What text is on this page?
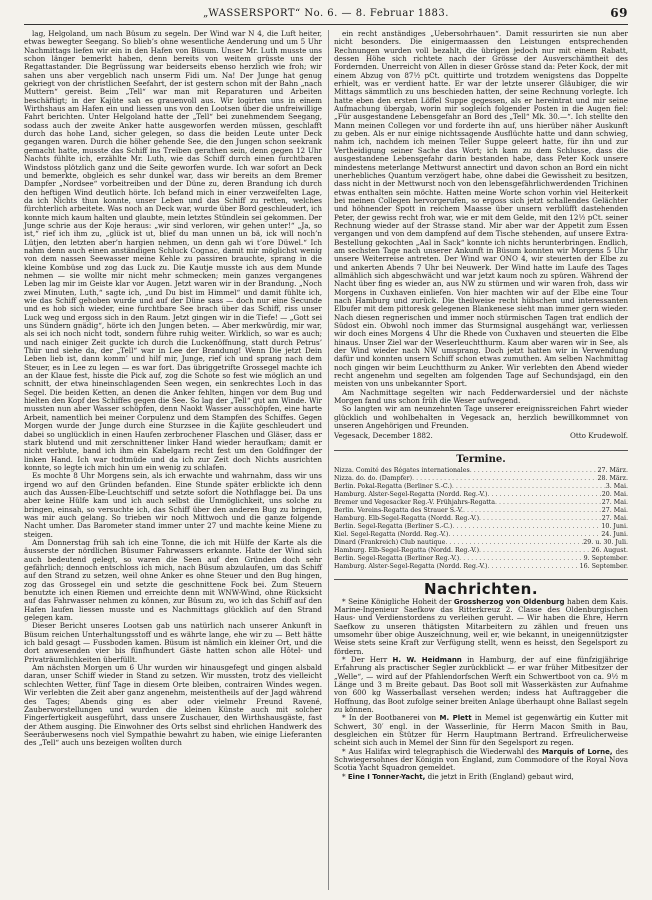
„WASSERSPORT“ No. 6. — 8. Februar 1883.	69

lag, Helgoland, um nach Büsum zu segeln. Der Wind war N 4, die Luft heiter, etwas bewegter Seegang. So blieb’s ohne wesentliche Aenderung und um 5 Uhr Nachmittags liefen wir ein in den Hafen von Büsum. Unser Mr. Luth musste uns schon länger bemerkt haben, denn bereits von weitem grüsste uns der Regattastander. Die Begrüssung war beiderseits ebenso herzlich wie froh; wir sahen uns aber vergeblich nach unserm Fidi um. Na! Der Junge hat genug gekriegt von der christlichen Seefahrt, der ist gestern schon mit der Bahn „nach Muttern“ gereist. Beim „Tell“ war man mit Reparaturen und Arbeiten beschäftigt; in der Kajüte sah es grauenvoll aus. Wir logirten uns in einem Wirthshaus am Hafen ein und liessen uns von den Lootsen über die unfreiwillige Fahrt berichten. Unter Helgoland hatte der „Tell“ bei zunehmendem Seegang, sodass auch der zweite Anker hatte ausgeworfen werden müssen, geschlafft durch das hohe Land, sicher gelegen, so dass die beiden Leute unter Deck gegangen waren. Durch die höher gehende See, die den Jungen schon seekrank gemacht hatte, musste das Schiff ins Treiben gerathen sein, denn gegen 12 Uhr Nachts fühlte ich, erzählte Mr. Luth, wie das Schiff durch einen furchtbaren Windstoss plötzlich ganz und die Seite geworfen wurde. Ich war sofort an Deck und bemerkte, obgleich es sehr dunkel war, dass wir bereits an dem Bremer Dampfer „Nordsee“ vorbeitreiben und der Düne zu, deren Brandung ich durch den heftigen Wind deutlich hörte. Ich befand mich in einer verzweifelten Lage, da ich Nichts thun konnte, unser Leben und das Schiff zu retten, welches fürchterlich arbeitete. Was noch an Deck war, wurde über Bord geschleudert, ich konnte mich kaum halten und glaubte, mein letztes Stündlein sei gekommen. Der Junge schrie aus der Koje heraus: „wir sind verloren, wir gehen unter!“ „Ja, so ist,“ rief ich ihm zu, „glück ist ut, blief du man unnen un bä, ick will noch’n Lütjen, den letzten aber’n hargien nehmen, un denn gah wi t’ore Düwel.“ Ich nahm denn auch einen anständigen Schluck Cognac, damit mir möglichst wenig von dem nassen Seewasser meine Kehle zu passiren brauchte, sprang in die kleine Kombüse und zog das Luck zu. Die Kautje musste ich aus dem Munde nehmen — sie wollte mir nicht mehr schmecken; mein ganzes vergangenes Leben lag mir im Geiste klar vor Augen. Jetzt waren wir in der Brandung. „Noch zwei Minuten, Luth,“ sagte ich, „und Du bist im Himmel“ und damit fühlte ich, wie das Schiff gehoben wurde und auf der Düne sass — doch nur eine Secunde und es hob sich wieder, eine furchtbare See brach über das Schiff, riss unser Luck weg und ergoss sich in den Raum. Jetzt gingen wir in die Tiefe! — „Gott sei uns Sündern gnädig“, hörte ich den Jungen beten. — Aber merkwürdig, mir war, als sei ich noch nicht todt, sondern führe ruhig weiter. Wirklich, so war es auch; und nach einiger Zeit guckte ich durch die Luckenöffnung, statt durch Petrus’ Thür und siehe da, der „Tell“ war in Lee der Brandung! Wenn Die jetzt Dein Leben lieb ist, dann komm’ und hilf mir, Junge, rief ich und sprang nach dem Steuer, es in Lee zu legen — es war fort. Das übriggetrifte Grossegel machte ich an der Klaue fest, hisste die Pick auf, zog die Schote so fest wie möglich an und schnitt, der etwa hineinschlagenden Seen wegen, ein senkrechtes Loch in das Segel. Die beiden Ketten, an denen die Anker fehlten, hingen vor dem Bug und hielten den Kopf des Schiffes gegen die See. So lag der „Tell“ gut am Winde. Wir mussten nun aber Wasser schöpfen, denn Naokt Wasser ausschöpfen, eine harte Arbeit, namentlich bei meiner Corpulenz und dem Stampfen des Schiffes. Gegen Morgen wurde der Junge durch eine Sturzsee in die Kajüte geschleudert und dabei so unglücklich in einen Haufen zerbrochener Flaschen und Gläser, dass er stark blutend und mit zerschnittener linker Hand wieder heraufkam; damit er nicht verblute, band ich ihm ein Kabelgarn recht fest um den Goldfinger der linken Hand. Ich war todtmüde und da ich zur Zeit doch Nichts ausrichten konnte, so legte ich mich hin um ein wenig zu schlafen.

Es mochte 8 Uhr Morgens sein, als ich erwachte und wahrnahm, dass wir uns irgend wo auf den Gründen befanden. Eine Stunde später erblickte ich denn auch das Aussen-Elbe-Leuchtschiff und setzte sofort die Nothflagge bei. Da uns aber keine Hülfe kam und ich auch selbst die Unmöglichkeit, uns solche zu bringen, einsah, so versuchte ich, das Schiff über den anderen Bug zu bringen, was mir auch gelang. So trieben wir noch Mittwoch und die ganze folgende Nacht umher. Das Barometer stand immer unter 27 und machte keine Miene zu steigen.

Am Donnerstag früh sah ich eine Tonne, die ich mit Hülfe der Karte als die äusserste der nördlichen Büsumer Fahrwassers erkannte. Hatte der Wind sich auch bedeutend gelegt, so waren die Seen auf den Gründen doch sehr gefährlich; dennoch entschloss ich mich, nach Büsum abzulaufen, um das Schiff auf den Strand zu setzen, weil ohne Anker es ohne Steuer und den Bug hingen, zog das Grossegel ein und setzte die geschnittene Fock bei. Zum Steuern benutzte ich einen Riemen und erreichte denn mit WNW-Wind, ohne Rücksicht auf das Fahrwasser nehmen zu können, zur Büsum zu, wo ich das Schiff auf den Hafen laufen liessen musste und es Nachmittags glücklich auf den Strand gelegen kam.

Dieser Bericht unseres Lootsen gab uns natürlich nach unserer Ankunft in Büsum reichen Unterhaltungsstoff und es währte lange, ehe wir zu — Bett hätte ich bald gesagt — Fussboden kamen. Büsum ist nämlich ein kleiner Ort, und die dort anwesenden vier bis fünfhundert Gäste hatten schon alle Hôtel- und Privaträumlichkeiten überfüllt.

Am nächsten Morgen um 6 Uhr wurden wir hinausgefegt und gingen alsbald daran, unser Schiff wieder in Stand zu setzen. Wir mussten, trotz des vielleicht schlechten Wetter, fünf Tage in diesem Orte bleiben, contrairen Windes wegen. Wir verlebten die Zeit aber ganz angenehm, meistentheils auf der Jagd während des Tages; Abends ging es aber oder vielmehr Freund Ravené, Zauberworstellungen und wurden die kleinen Künste auch mit solcher Fingerfertigkeit ausgeführt, dass unsere Zuschauer, den Wirthshausgäste, fast der Athem ausging. Die Einwohner des Orts selbst sind ehrlichen Handwerk des Seeräuberwesens noch viel Sympathie bewahrt zu haben, wie einige Lieferanten des „Tell“ auch uns bezeigen wollten durch

ein recht anständiges „Uebersohrhauen“. Damit ressurirten sie nun aber nicht besonders. Die einigermaassen den Leistungen entsprechenden Rechnungen wurden voll bezahlt, die übrigen jedoch nur mit einem Rabatt, dessen Höhe sich richtete nach der Grösse der Ausverschämtheit des Fordernden. Unerreicht von Allen in dieser Grösse stand da: Peter Kock, der mit einem Abzug von 87½ pCt. quittirte und trotzdem wenigstens das Doppelte erhielt, was er verdient hatte. Er war der letzte unserer Gläubiger, die wir Mittags sämmtlich zu uns beschieden hatten, der seine Rechnung vorlegte. Ich hatte eben den ersten Löffel Suppe gegessen, als er hereintrat und mir seine Aufmachung übergab, worin mir sogleich folgender Posten in die Augen fiel: „Für ausgestandene Lebensgefahr an Bord des „Tell“ Mk. 30.—“. Ich stellte den Mann meinen Collegen vor und forderte ihn auf, uns hierüber näher Auskunft zu geben. Als er nur einige nichtssagende Ausflüchte hatte und dann schwieg, nahm ich, nachdem ich meinen Teller Suppe geleert hatte, für ihn und zur Vertheidigung seiner Sache das Wort; ich kam zu dem Schlusse, dass die ausgestandene Lebensgefahr darin bestanden habe, dass Peter Kock unsere mindestens meterlange Mettwurst annectirt und davon schon an Bord ein nicht unerhebliches Quantum verzögert habe, ohne dabei die Gewissheit zu besitzen, dass nicht in der Mettwurst noch von den lebensgefährlichwerdenden Trichinen etwas enthalten sein möchte. Hatten meine Worte schon vorhin viel Heiterkeit bei meinen Collegen hervorgerufen, so ergoss sich jetzt schallendes Gelächter und höhnender Spott in reichem Maasse über unsern verblüfft dastehenden Peter, der gewiss recht froh war, wie er mit dem Gelde, mit den 12½ pCt. seiner Rechnung wieder auf der Strasse stand. Mir aber war der Appetit zum Essen vergangen und von dem dampfend auf dem Tische stehenden, auf unsere Extra-Bestellung gekochten „Aal in Sack“ konnte ich nichts herunterbringen. Endlich, am sechsten Tage nach unserer Ankunft in Büsum konnten wir Morgens 5 Uhr unsere Weiterreise antreten. Der Wind war ONO 4, wir steuerten der Elbe zu und ankerten Abends 7 Uhr bei Neuwerk. Der Wind hatte im Laufe des Tages allmählich sich abgeschwächt und war jetzt kaum noch zu spüren. Während der Nacht über fing es wieder an, aus NW zu stürmen und wir waren froh, dass wir Morgens in Cuxhaven einliefen. Von hier machten wir auf der Elbe eine Tour nach Hamburg und zurück. Die theilweise recht hübschen und interessanten Elbufer mit dem pittoresk gelegenen Blankenese sieht man immer gern wieder. Nach diesen regnerischen und immer noch stürmischen Tagen trat endlich der Südost ein. Obwohl noch immer das Sturmsignal ausgehängt war, verliessen wir doch eines Morgens 4 Uhr die Rhede von Cuxhaven und steuerten die Elbe hinaus. Unser Ziel war der Weserleuchtthurm. Kaum aber waren wir in See, als der Wind wieder nach NW umsprang. Doch jetzt hatten wir in Verwendung dafür und konnten unsern Schiff schon etwas zumuthen. Am selben Nachmittag noch gingen wir beim Leuchtthurm zu Anker. Wir verlebten den Abend wieder recht angenehm und segelten am folgenden Tage auf Sechundsjagd, ein den meisten von uns unbekannter Sport.

Am Nachmittage segelten wir nach Fedderwardersiel und der nächste Morgen fand uns schon früh die Weser aufwegend.

So langten wir am neunzehnten Tage unserer ereignissreichen Fahrt wieder glücklich und wohlbehalten in Vegesack an, herzlich bewillkommnet von unseren Angehörigen und Freunden.

Vegesack, December 1882.	Otto Krudewolf.
Termine.
Nizza. Comité des Régates internationales . . .	27. März.
Nizza. do. do. (Dampfer) . . .	28. März.
Berlin. Pokal-Regatta (Berliner S.-C.) . . .	3. Mai.
Hamburg. Alster-Segel-Regatta (Nordd. Reg.-V.) . . .	20. Mai.
Bremer und Vegesacker Reg.-V. Frühjahrs-Regatta . . .	27. Mai.
Berlin. Vereins-Regatta des Strauer S.-V. . . .	27. Mai.
Hamburg. Elb-Segel-Regatta (Nordd. Reg.-V.) . . .	27. Mai.
Berlin. Segel-Regatta (Berliner S.-C.) . . .	10. Juni.
Kiel. Segel-Regatta (Nordd. Reg.-V.) . . .	24. Juni.
Dinard (Frankreich) Club nautique . . .	29. u. 30. Juli.
Hamburg. Elb-Segel-Regatta (Nordd. Reg.-V.) . . .	26. August.
Berlin. Segel-Regatta (Berliner Reg.-V.) . . .	9. September.
Hamburg. Alster-Segel-Regatta (Nordd. Reg.-V.) . . .	16. September.
Nachrichten.

* Seine Königliche Hoheit der Grossherzog von Oldenburg haben dem Kais. Marine-Ingenieur Saefkow das Ritterkreuz 2. Classe des Oldenburgischen Haus- und Verdienstordens zu verleihen geruht. — Wir haben die Ehre, Herrn Saefkow zu unseren thätigsten Mitarbeitern zu zählen und freuen uns umsomehr über obige Auszeichnung, weil er, wie bekannt, in uneigennützigster Weise stets seine Kraft zur Verfügung stellt, wenn es heisst, den Segelsport zu fördern.

* Der Herr H. W. Heidmann in Hamburg, der auf eine fünfzigjährige Erfahrung als practischer Segler zurückblickt — er war früher Mitbesitzer der „Welle“, — wird auf der Pfahlendorfschen Werft ein Schwertboot von ca. 9½ m Länge und 3 m Breite gebaut. Das Boot soll mit Wasserkästen zur Aufnahme von 600 kg Wasserballast versehen werden; indess hat Auftraggeber die Hoffnung, das Boot zufolge seiner breiten Anlage überhaupt ohne Ballast segeln zu können.

* In der Bootbanerei von M. Plett in Memel ist gegenwärtig ein Kutter mit Schwert, 30′ engl. in der Wasserlinie, für Herrn Macon Smith in Bau, desgleichen ein Stützer für Herrn Hauptmann Bertrand. Erfreulicherweise scheint sich auch in Memel der Sinn für den Segelsport zu regen.

* Aus Halifax wird telegraphisch die Wiederwahl des Marquis of Lorne, des Schwiegersohnes der Königin von England, zum Commodore of the Royal Nova Scotia Yacht Squadron gemeldet.

* Eine I Tonner-Yacht, die jetzt in Erith (England) gebaut wird,
